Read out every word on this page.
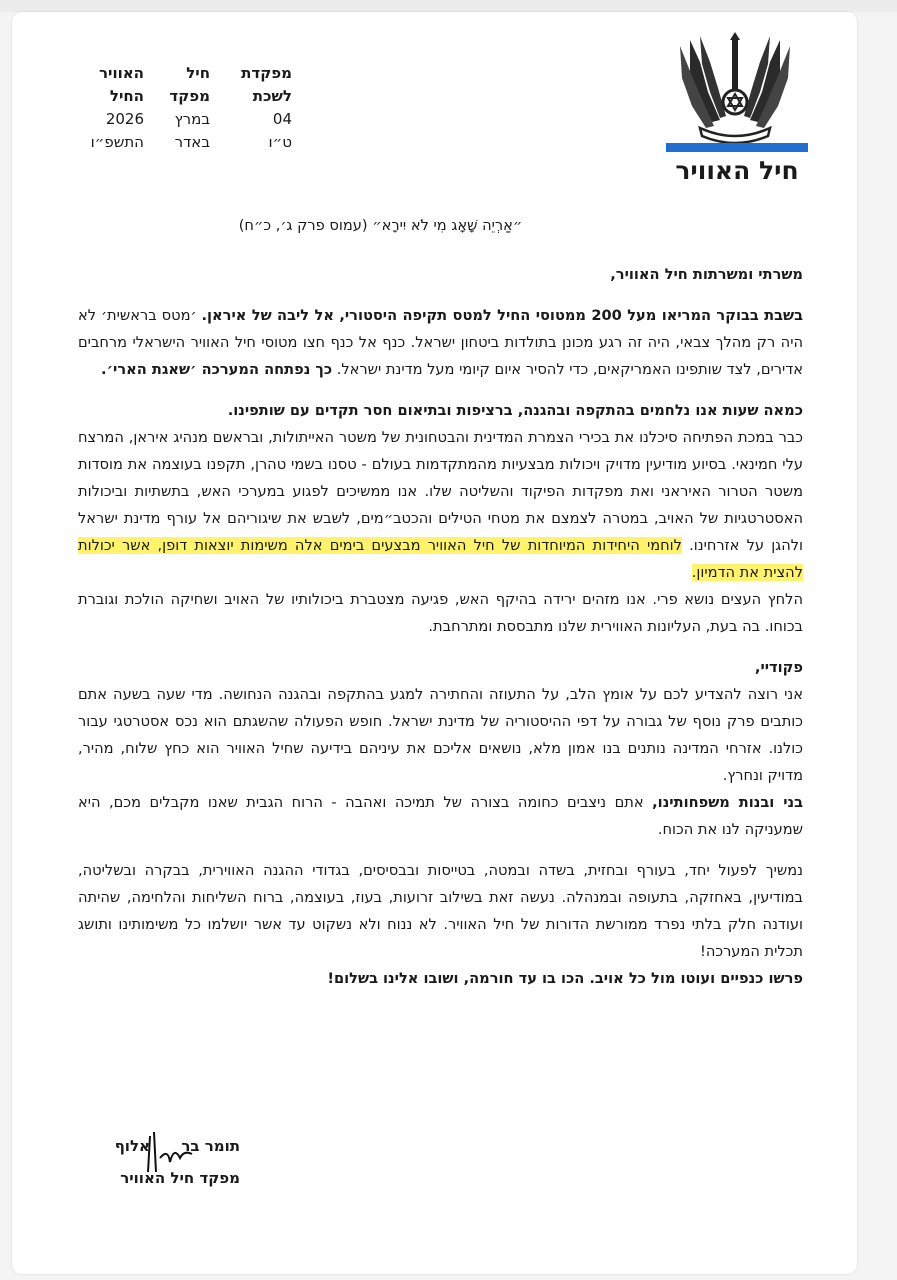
חיל האוויר
מפקדת
לשכת
04
ט״ו
חיל
מפקד
במרץ
באדר
האוויר
החיל
2026
התשפ״ו

״אַרְיֵה שָׁאָג מִי לֹא יִירָא״ (עמוס פרק ג׳, כ״ח)

משרתי ומשרתות חיל האוויר,

בשבת בבוקר המריאו מעל 200 ממטוסי החיל למטס תקיפה היסטורי, אל ליבה של איראן. ׳מטס בראשית׳ לא היה רק מהלך צבאי, היה זה רגע מכונן בתולדות ביטחון ישראל. כנף אל כנף חצו מטוסי חיל האוויר הישראלי מרחבים אדירים, לצד שותפינו האמריקאים, כדי להסיר איום קיומי מעל מדינת ישראל. כך נפתחה המערכה ׳שאגת הארי׳.

כמאה שעות אנו נלחמים בהתקפה ובהגנה, ברציפות ובתיאום חסר תקדים עם שותפינו.
כבר במכת הפתיחה סיכלנו את בכירי הצמרת המדינית והבטחונית של משטר האייתולות, ובראשם מנהיג איראן, המרצח עלי חמינאי. בסיוע מודיעין מדויק ויכולות מבצעיות מהמתקדמות בעולם - טסנו בשמי טהרן, תקפנו בעוצמה את מוסדות משטר הטרור האיראני ואת מפקדות הפיקוד והשליטה שלו. אנו ממשיכים לפגוע במערכי האש, בתשתיות וביכולות האסטרטגיות של האויב, במטרה לצמצם את מטחי הטילים והכטב״מים, לשבש את שיגוריהם אל עורף מדינת ישראל ולהגן על אזרחינו. לוחמי היחידות המיוחדות של חיל האוויר מבצעים בימים אלה משימות יוצאות דופן, אשר יכולות להצית את הדמיון.
הלחץ העצים נושא פרי. אנו מזהים ירידה בהיקף האש, פגיעה מצטברת ביכולותיו של האויב ושחיקה הולכת וגוברת בכוחו. בה בעת, העליונות האווירית שלנו מתבססת ומתרחבת.

פקודיי,

אני רוצה להצדיע לכם על אומץ הלב, על התעוזה והחתירה למגע בהתקפה ובהגנה הנחושה. מדי שעה בשעה אתם כותבים פרק נוסף של גבורה על דפי ההיסטוריה של מדינת ישראל. חופש הפעולה שהשגתם הוא נכס אסטרטגי עבור כולנו. אזרחי המדינה נותנים בנו אמון מלא, נושאים אליכם את עיניהם בידיעה שחיל האוויר הוא כחץ שלוח, מהיר, מדויק ונחרץ.

בני ובנות משפחותינו, אתם ניצבים כחומה בצורה של תמיכה ואהבה - הרוח הגבית שאנו מקבלים מכם, היא שמעניקה לנו את הכוח.

נמשיך לפעול יחד, בעורף ובחזית, בשדה ובמטה, בטייסות ובבסיסים, בגדודי ההגנה האווירית, בבקרה ובשליטה, במודיעין, באחזקה, בתעופה ובמנהלה. נעשה זאת בשילוב זרועות, בעוז, בעוצמה, ברוח השליחות והלחימה, שהיתה ועודנה חלק בלתי נפרד ממורשת הדורות של חיל האוויר. לא ננוח ולא נשקוט עד אשר יושלמו כל משימותינו ותושג תכלית המערכה!

פרשו כנפיים ועוטו מול כל אויב. הכו בו עד חורמה, ושובו אלינו בשלום!

תומר בר      אלוף
מפקד חיל האוויר
